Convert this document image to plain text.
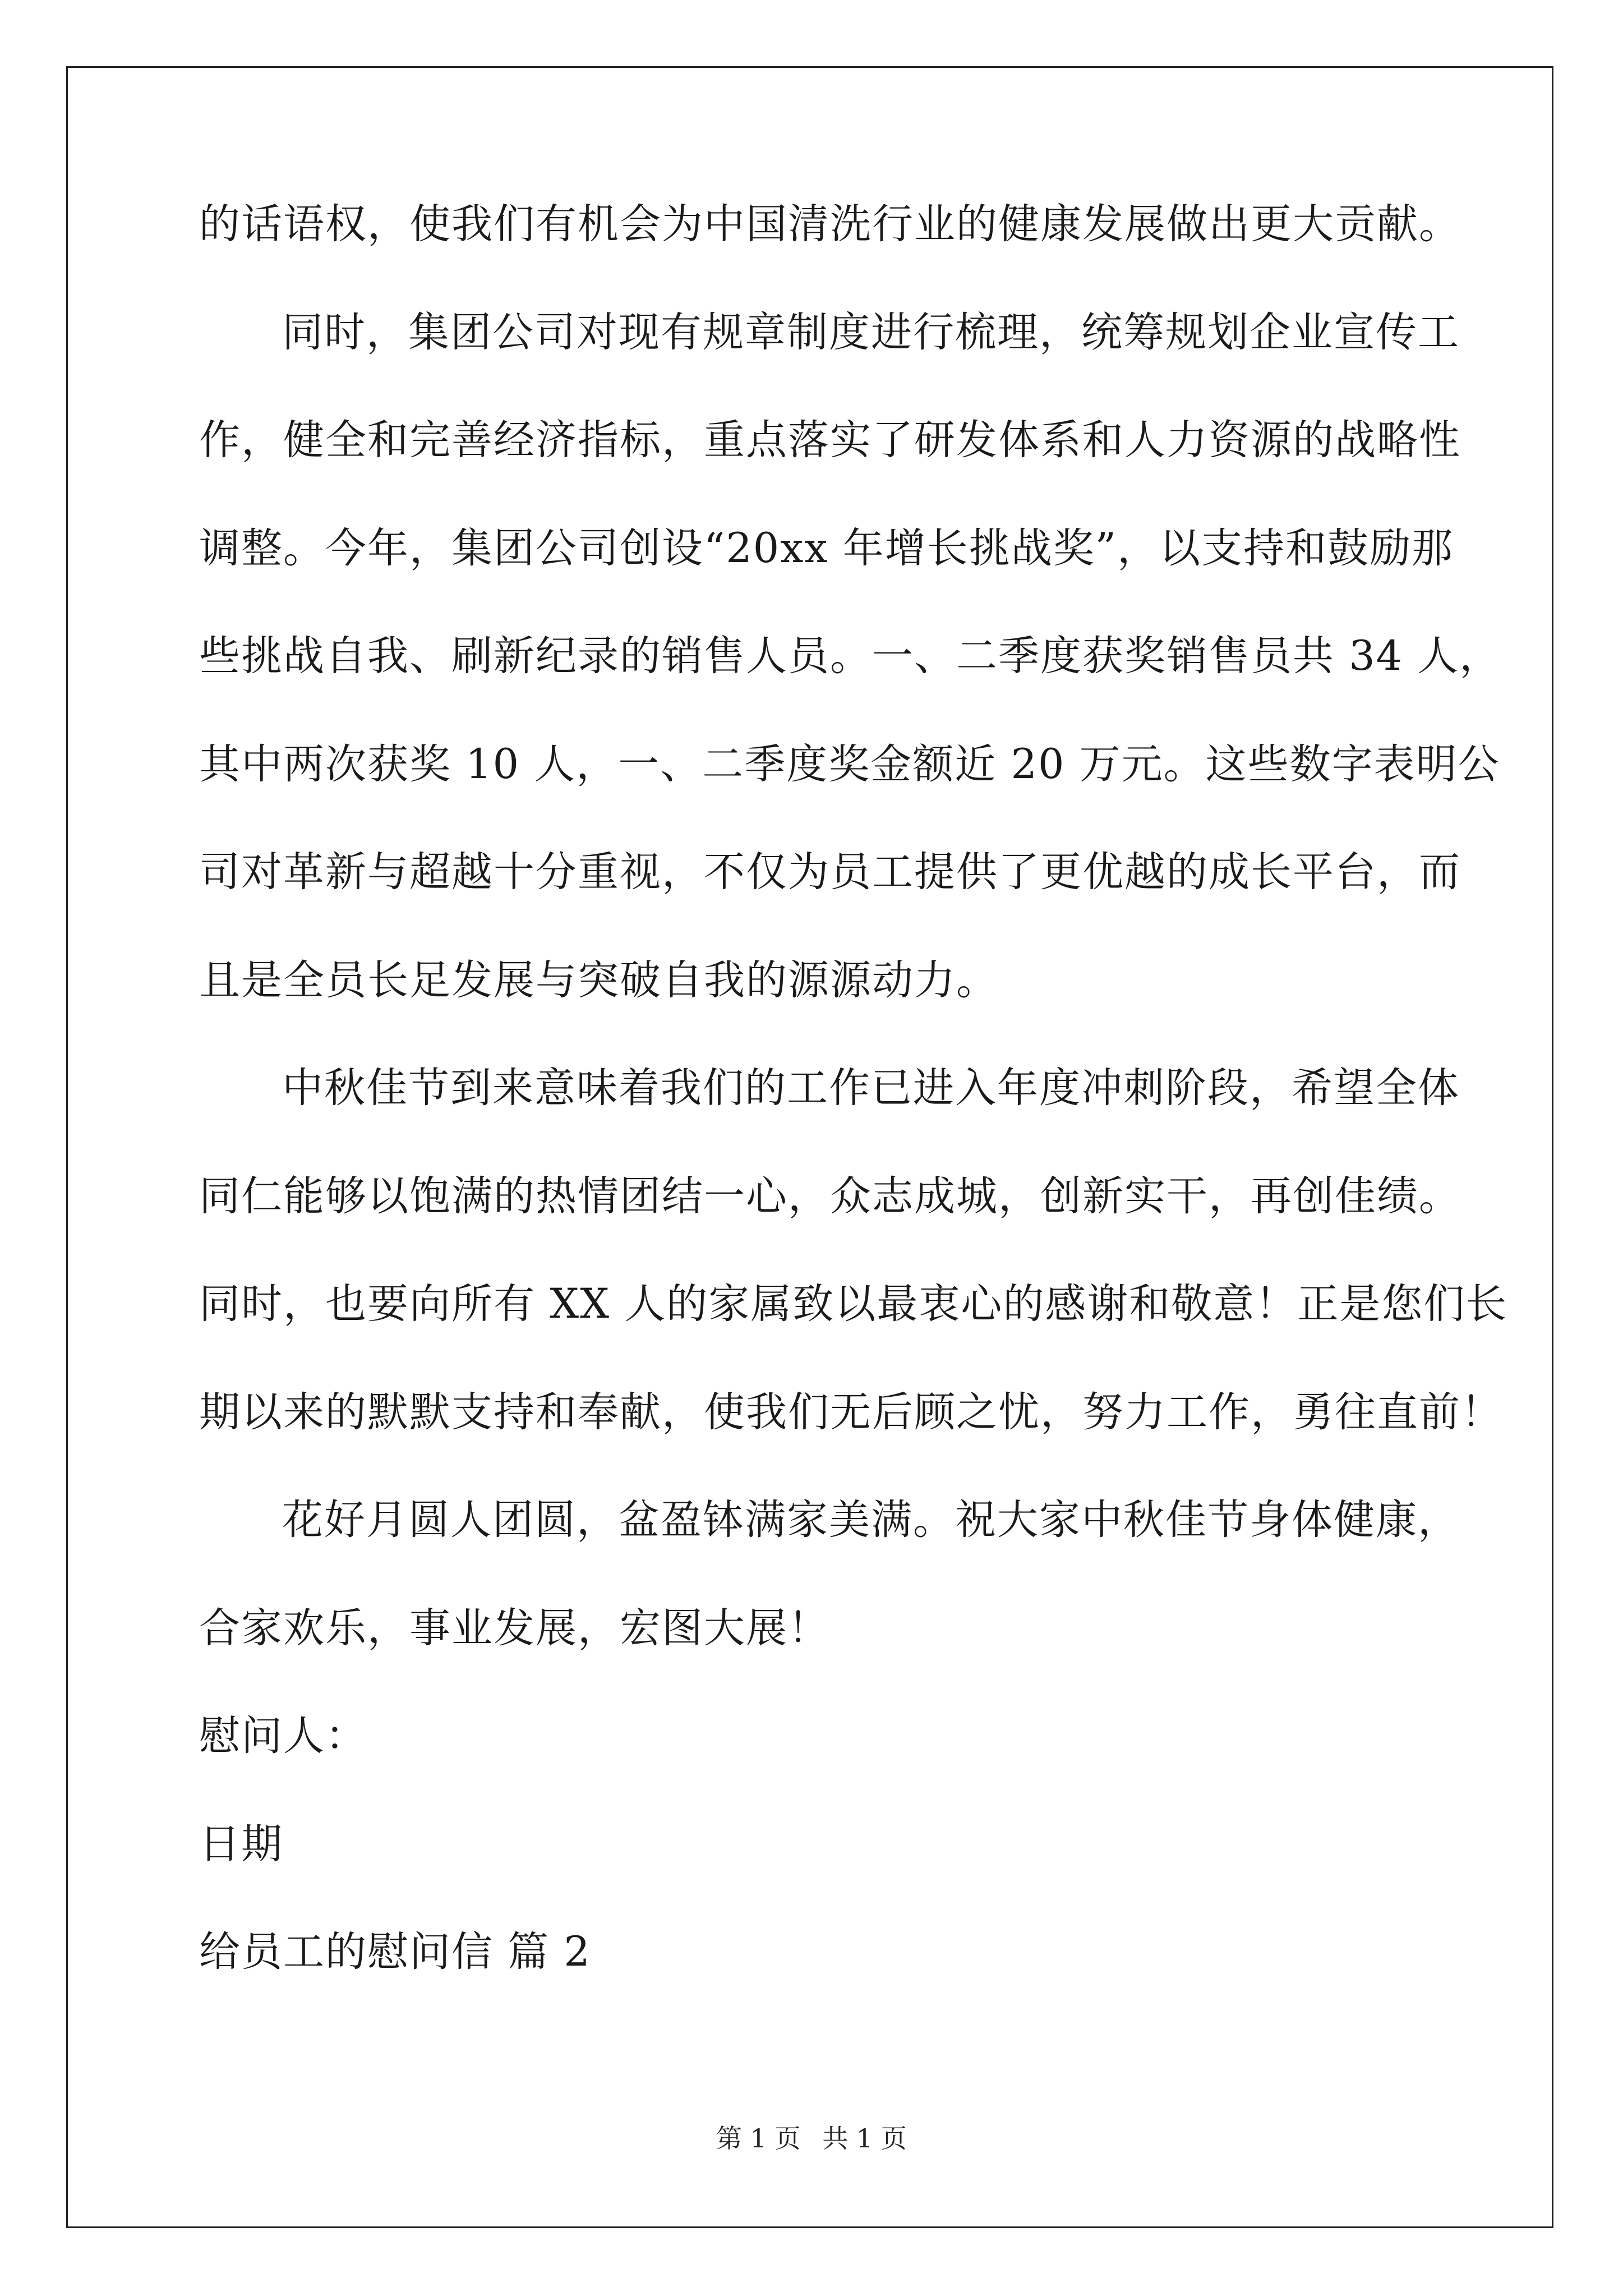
的话语权，使我们有机会为中国清洗行业的健康发展做出更大贡献。
同时，集团公司对现有规章制度进行梳理，统筹规划企业宣传工
作，健全和完善经济指标，重点落实了研发体系和人力资源的战略性
调整。今年，集团公司创设“20xx 年增长挑战奖”，以支持和鼓励那
些挑战自我、刷新纪录的销售人员。一、二季度获奖销售员共 34 人，
其中两次获奖 10 人，一、二季度奖金额近 20 万元。这些数字表明公
司对革新与超越十分重视，不仅为员工提供了更优越的成长平台，而
且是全员长足发展与突破自我的源源动力。
中秋佳节到来意味着我们的工作已进入年度冲刺阶段，希望全体
同仁能够以饱满的热情团结一心，众志成城，创新实干，再创佳绩。
同时，也要向所有 XX 人的家属致以最衷心的感谢和敬意！正是您们长
期以来的默默支持和奉献，使我们无后顾之忧，努力工作，勇往直前！
花好月圆人团圆，盆盈钵满家美满。祝大家中秋佳节身体健康，
合家欢乐，事业发展，宏图大展！
慰问人：
日期
给员工的慰问信 篇 2
第 1 页 共 1 页
